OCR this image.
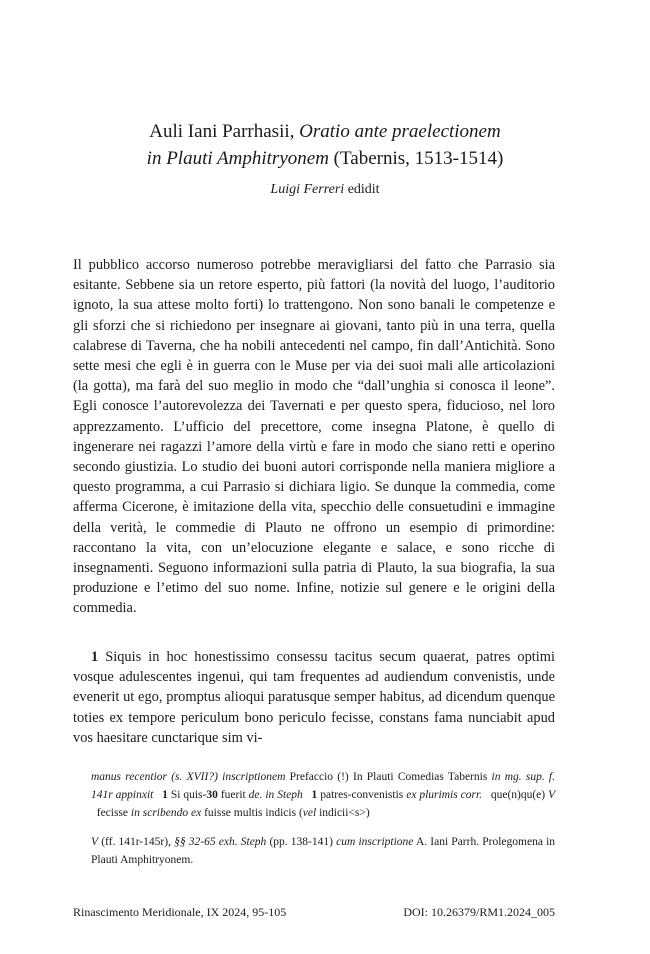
Auli Iani Parrhasii, Oratio ante praelectionem
in Plauti Amphitryonem (Tabernis, 1513-1514)
Luigi Ferreri edidit

Il pubblico accorso numeroso potrebbe meravigliarsi del fatto che Parrasio sia esitante. Sebbene sia un retore esperto, più fattori (la novità del luogo, l’auditorio ignoto, la sua attese molto forti) lo trattengono. Non sono banali le competenze e gli sforzi che si richiedono per insegnare ai giovani, tanto più in una terra, quella calabrese di Taverna, che ha nobili antecedenti nel campo, fin dall’Antichità. Sono sette mesi che egli è in guerra con le Muse per via dei suoi mali alle articolazioni (la gotta), ma farà del suo meglio in modo che “dall’unghia si conosca il leone”. Egli conosce l’autorevolezza dei Tavernati e per questo spera, fiducioso, nel loro apprezzamento. L’ufficio del precettore, come insegna Platone, è quello di ingenerare nei ragazzi l’amore della virtù e fare in modo che siano retti e operino secondo giustizia. Lo studio dei buoni autori corrisponde nella maniera migliore a questo programma, a cui Parrasio si dichiara ligio. Se dunque la commedia, come afferma Cicerone, è imitazione della vita, specchio delle consuetudini e immagine della verità, le commedie di Plauto ne offrono un esempio di primordine: raccontano la vita, con un’elocuzione elegante e salace, e sono ricche di insegnamenti. Seguono informazioni sulla patria di Plauto, la sua biografia, la sua produzione e l’etimo del suo nome. Infine, notizie sul genere e le origini della commedia.

1 Siquis in hoc honestissimo consessu tacitus secum quaerat, patres optimi vosque adulescentes ingenui, qui tam frequentes ad audiendum convenistis, unde evenerit ut ego, promptus alioqui paratusque semper habitus, ad dicendum quenque toties ex tempore periculum bono periculo fecisse, constans fama nunciabit apud vos haesitare cunctarique sim vi-

manus recentior (s. XVII?) inscriptionem Prefaccio (!) In Plauti Comedias Tabernis in mg. sup. f. 141r appinxit 1 Si quis-30 fuerit de. in Steph 1 patres-convenistis ex plurimis corr. que(n)qu(e) V   fecisse in scribendo ex fuisse multis indicis (vel indicii<s>)

V (ff. 141r-145r), §§ 32-65 exh. Steph (pp. 138-141) cum inscriptione A. Iani Parrh. Prolegomena in Plauti Amphitryonem.

Rinascimento Meridionale, IX 2024, 95-105	DOI: 10.26379/RM1.2024_005
